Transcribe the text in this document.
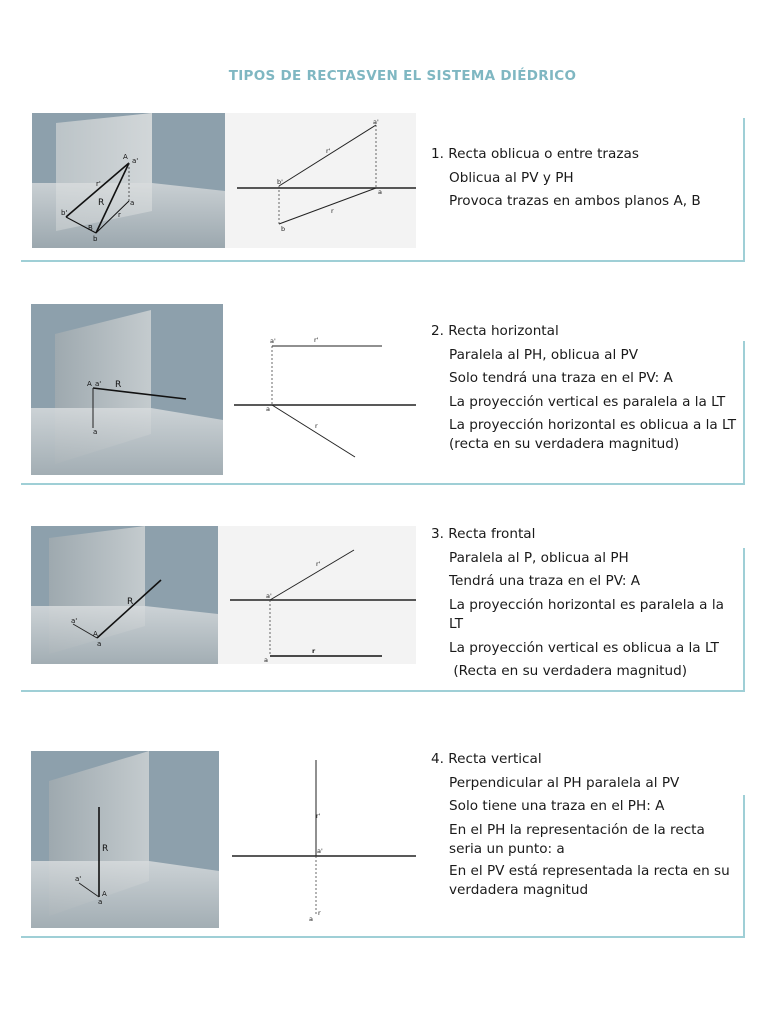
TIPOS DE RECTASVEN EL SISTEMA DIÉDRICO
A a'
r'
R
r
B
b'
b
a
a'
r'
b'
a
r
b
1. Recta oblicua o entre trazas
Oblicua al PV y PH
Provoca trazas en ambos planos A, B
A a' R
a
a'	r'
a
r
2. Recta horizontal
Paralela al PH, oblicua al PV
Solo tendrá una traza en el PV: A
La proyección vertical es paralela a la LT
La proyección horizontal es oblicua a la LT (recta en su verdadera magnitud)
R
a'
A
a
r'
a'
a
r
3. Recta frontal
Paralela al P, oblicua al PH
Tendrá una traza en el PV: A
La proyección horizontal es paralela a la LT
La proyección vertical es oblicua a la LT
(Recta en su verdadera magnitud)
R
a'
A
a
r'
a'
r
a
4. Recta vertical
Perpendicular al PH paralela al PV
Solo tiene una traza en el PH: A
En el PH la representación de la recta seria un punto: a
En el PV está representada la recta en su verdadera magnitud
